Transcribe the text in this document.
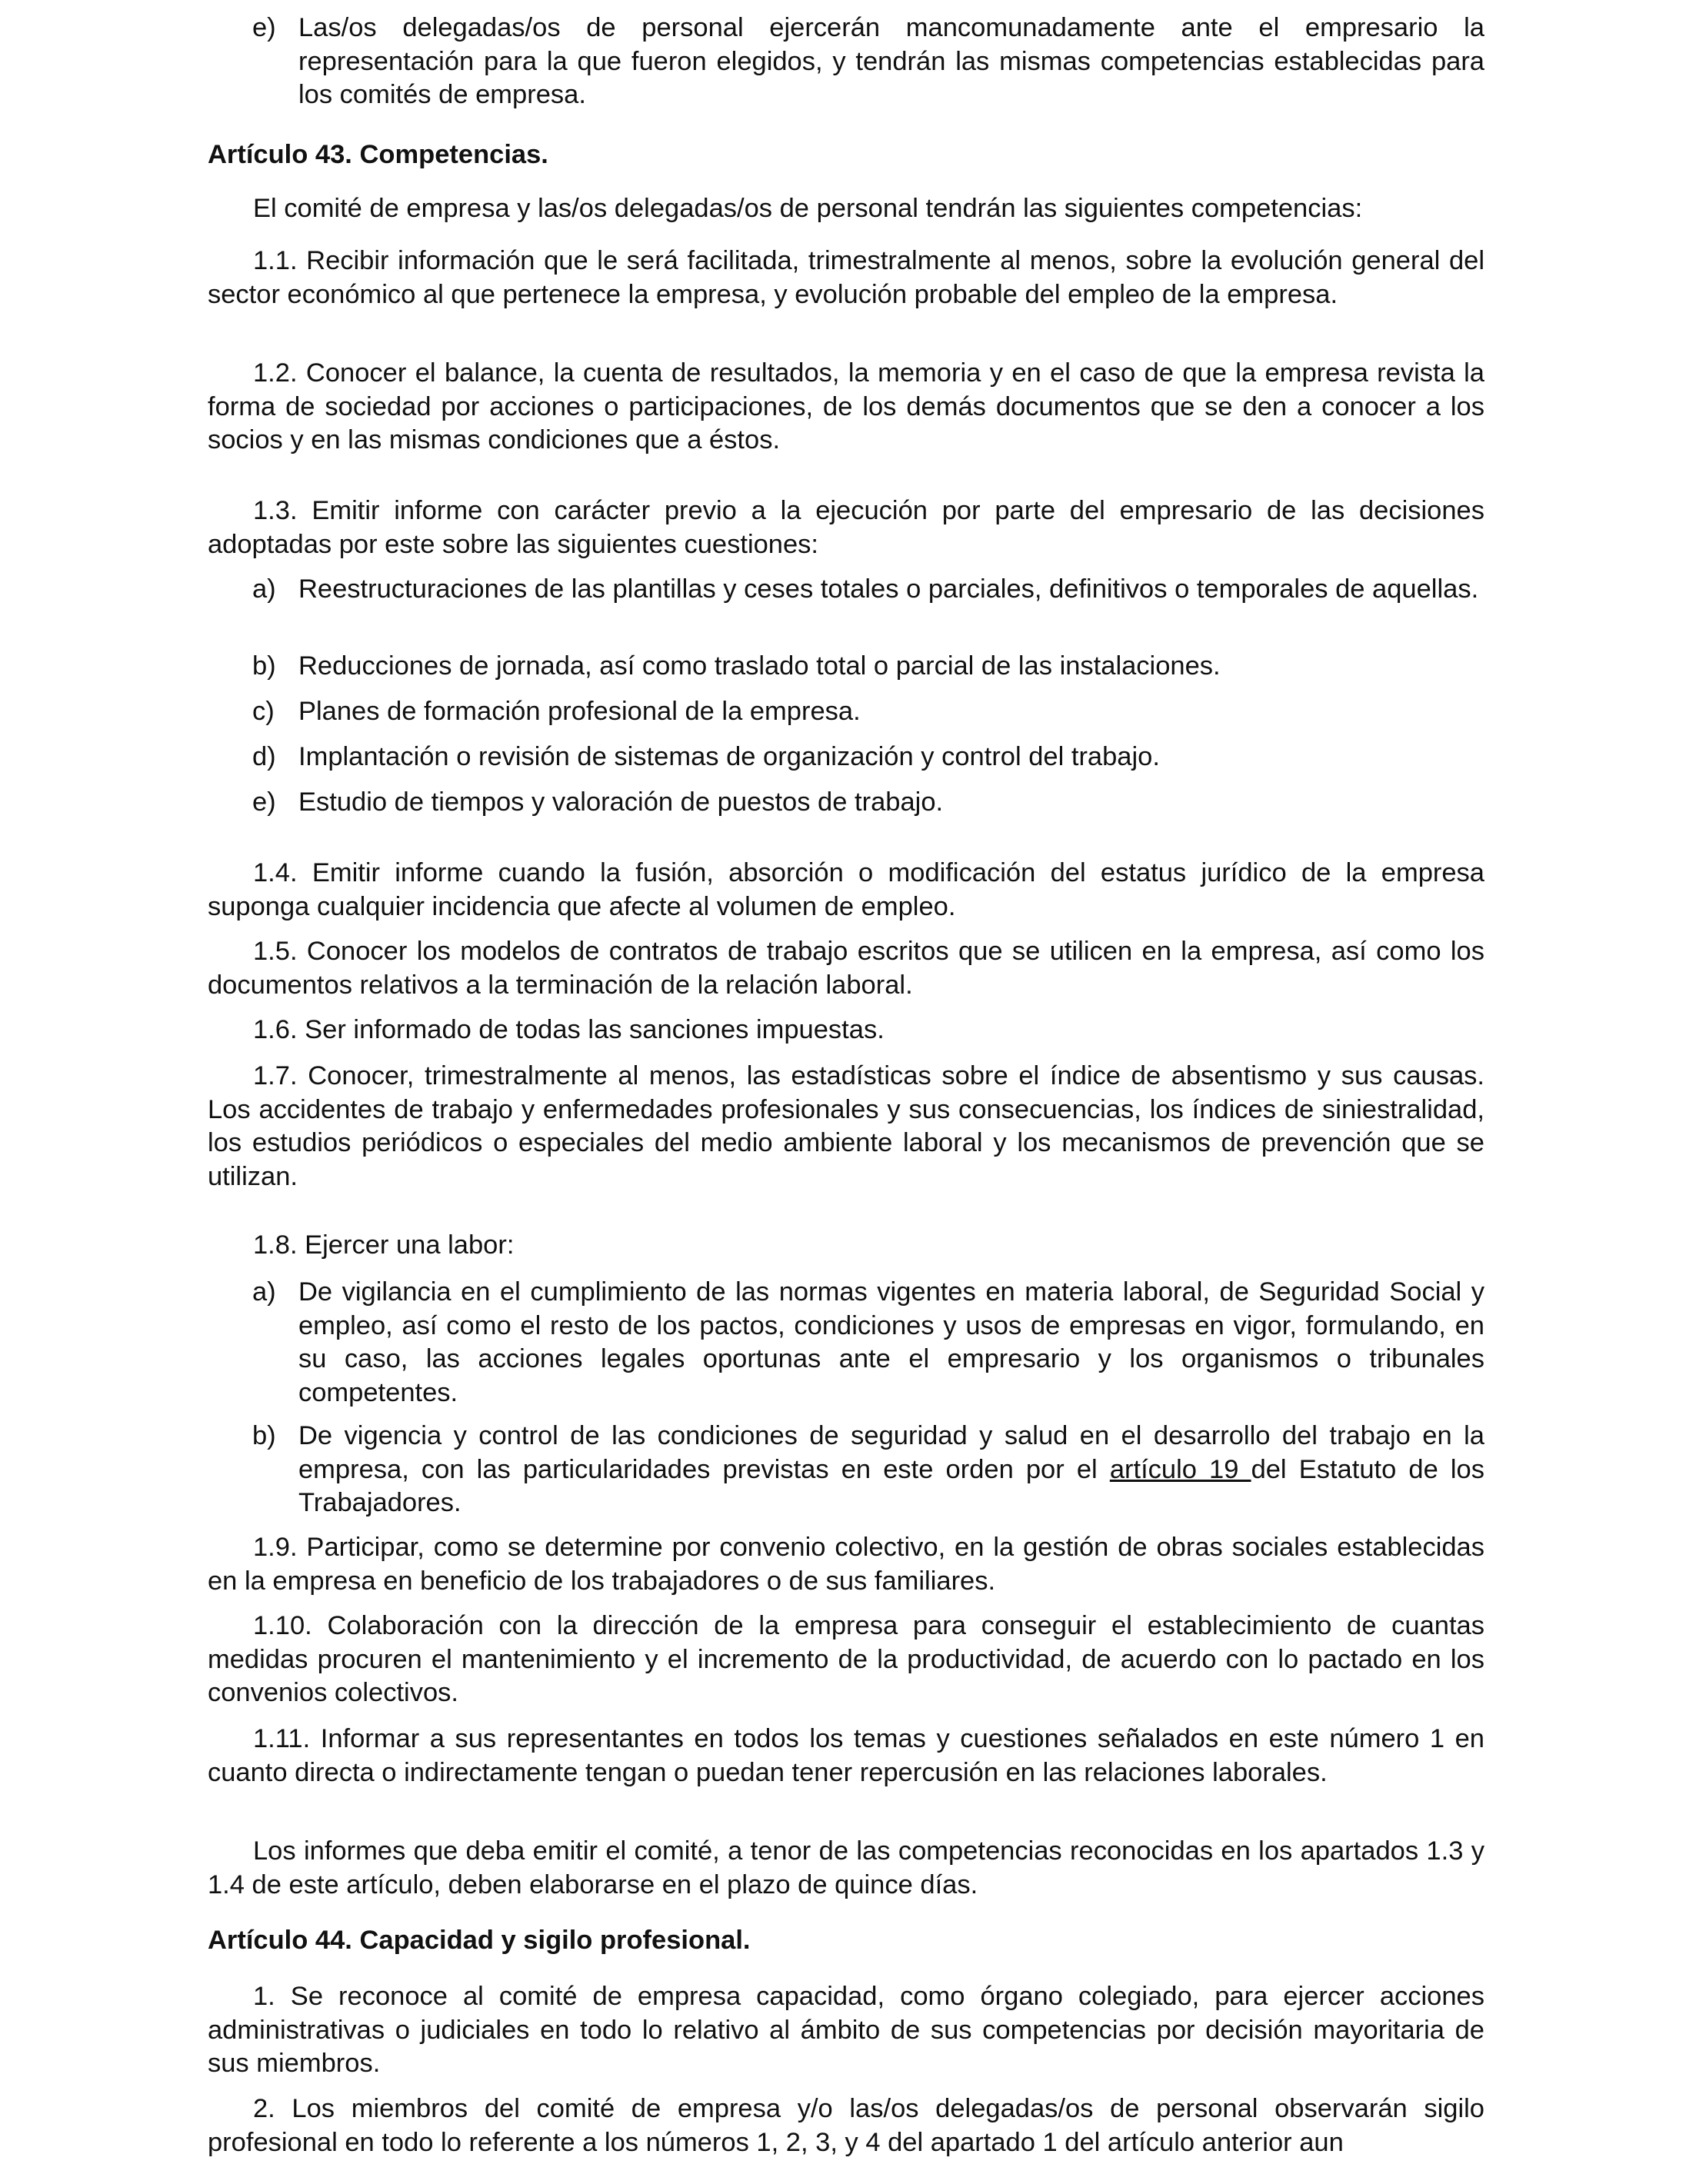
e) Las/os delegadas/os de personal ejercerán mancomunadamente ante el empresario la representación para la que fueron elegidos, y tendrán las mismas competencias establecidas para los comités de empresa.

Artículo 43. Competencias.

El comité de empresa y las/os delegadas/os de personal tendrán las siguientes competencias:

1.1. Recibir información que le será facilitada, trimestralmente al menos, sobre la evolución general del sector económico al que pertenece la empresa, y evolución probable del empleo de la empresa.

1.2. Conocer el balance, la cuenta de resultados, la memoria y en el caso de que la empresa revista la forma de sociedad por acciones o participaciones, de los demás documentos que se den a conocer a los socios y en las mismas condiciones que a éstos.

1.3. Emitir informe con carácter previo a la ejecución por parte del empresario de las decisiones adoptadas por este sobre las siguientes cuestiones:

a) Reestructuraciones de las plantillas y ceses totales o parciales, definitivos o temporales de aquellas.
b) Reducciones de jornada, así como traslado total o parcial de las instalaciones.
c) Planes de formación profesional de la empresa.
d) Implantación o revisión de sistemas de organización y control del trabajo.
e) Estudio de tiempos y valoración de puestos de trabajo.

1.4. Emitir informe cuando la fusión, absorción o modificación del estatus jurídico de la empresa suponga cualquier incidencia que afecte al volumen de empleo.

1.5. Conocer los modelos de contratos de trabajo escritos que se utilicen en la empresa, así como los documentos relativos a la terminación de la relación laboral.

1.6. Ser informado de todas las sanciones impuestas.

1.7. Conocer, trimestralmente al menos, las estadísticas sobre el índice de absentismo y sus causas. Los accidentes de trabajo y enfermedades profesionales y sus consecuencias, los índices de siniestralidad, los estudios periódicos o especiales del medio ambiente laboral y los mecanismos de prevención que se utilizan.

1.8. Ejercer una labor:

a) De vigilancia en el cumplimiento de las normas vigentes en materia laboral, de Seguridad Social y empleo, así como el resto de los pactos, condiciones y usos de empresas en vigor, formulando, en su caso, las acciones legales oportunas ante el empresario y los organismos o tribunales competentes.
b) De vigencia y control de las condiciones de seguridad y salud en el desarrollo del trabajo en la empresa, con las particularidades previstas en este orden por el artículo 19 del Estatuto de los Trabajadores.

1.9. Participar, como se determine por convenio colectivo, en la gestión de obras sociales establecidas en la empresa en beneficio de los trabajadores o de sus familiares.

1.10. Colaboración con la dirección de la empresa para conseguir el establecimiento de cuantas medidas procuren el mantenimiento y el incremento de la productividad, de acuerdo con lo pactado en los convenios colectivos.

1.11. Informar a sus representantes en todos los temas y cuestiones señalados en este número 1 en cuanto directa o indirectamente tengan o puedan tener repercusión en las relaciones laborales.

Los informes que deba emitir el comité, a tenor de las competencias reconocidas en los apartados 1.3 y 1.4 de este artículo, deben elaborarse en el plazo de quince días.

Artículo 44. Capacidad y sigilo profesional.

1. Se reconoce al comité de empresa capacidad, como órgano colegiado, para ejercer acciones administrativas o judiciales en todo lo relativo al ámbito de sus competencias por decisión mayoritaria de sus miembros.

2. Los miembros del comité de empresa y/o las/os delegadas/os de personal observarán sigilo profesional en todo lo referente a los números 1, 2, 3, y 4 del apartado 1 del artículo anterior aun
